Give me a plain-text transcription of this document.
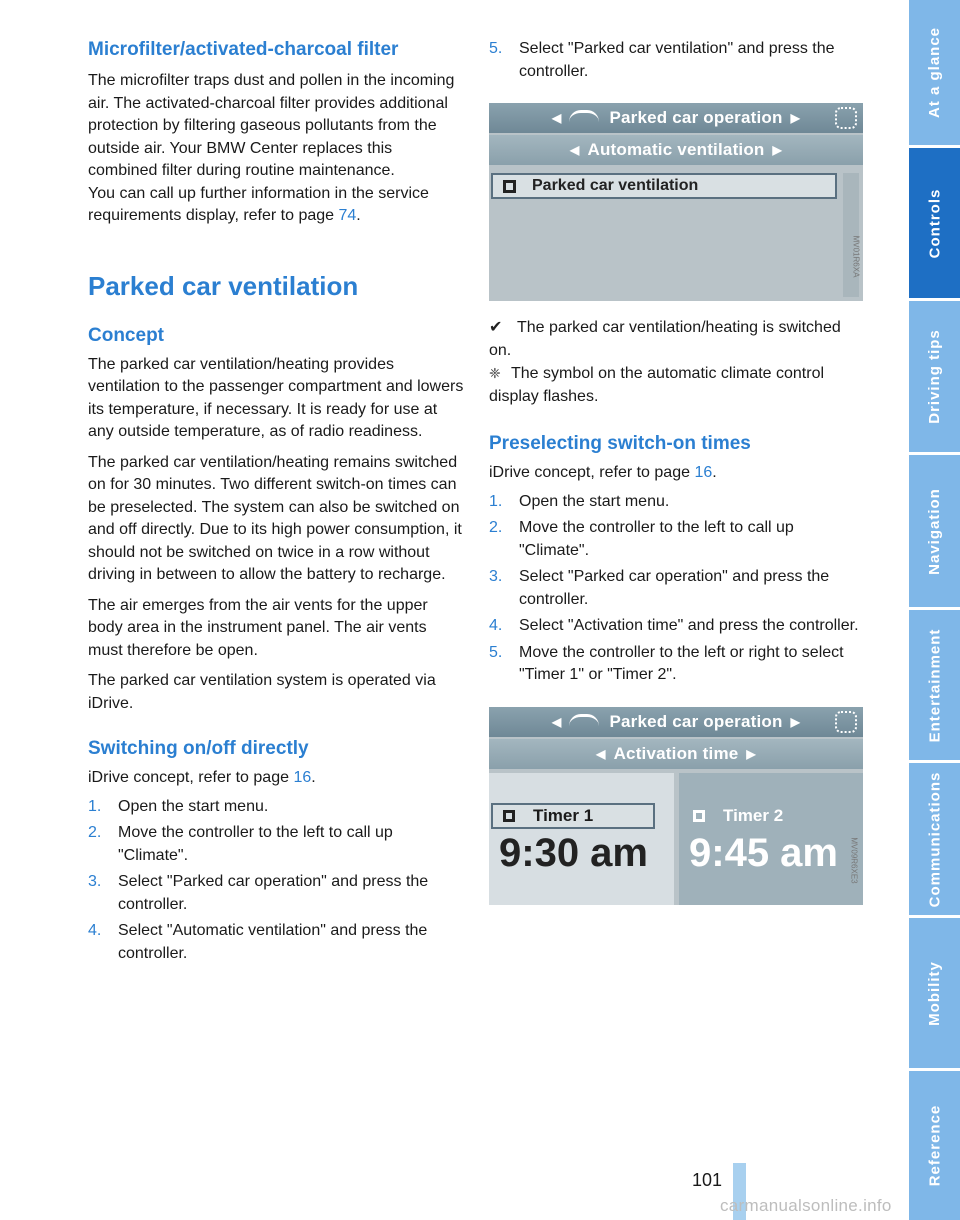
Microfilter/activated-charcoal filter

The microfilter traps dust and pollen in the incoming air. The activated-charcoal filter provides additional protection by filtering gaseous pollutants from the outside air. Your BMW Center replaces this combined filter during routine maintenance.

You can call up further information in the service requirements display, refer to page 74.

Parked car ventilation
Concept

The parked car ventilation/heating provides ventilation to the passenger compartment and lowers its temperature, if necessary. It is ready for use at any outside temperature, as of radio readiness.

The parked car ventilation/heating remains switched on for 30 minutes. Two different switch-on times can be preselected. The system can also be switched on and off directly. Due to its high power consumption, it should not be switched on twice in a row without driving in between to allow the battery to recharge.

The air emerges from the air vents for the upper body area in the instrument panel. The air vents must therefore be open.

The parked car ventilation system is operated via iDrive.

Switching on/off directly

iDrive concept, refer to page 16.

1. Open the start menu.
2. Move the controller to the left to call up "Climate".
3. Select "Parked car operation" and press the controller.
4. Select "Automatic ventilation" and press the controller.
5. Select "Parked car ventilation" and press the controller.
◀	Parked car operation ▶
◀ Automatic ventilation ▶
Parked car ventilation
MV01R6XA

✔ The parked car ventilation/heating is switched on.

❈ The symbol on the automatic climate control display flashes.

Preselecting switch-on times

iDrive concept, refer to page 16.

1. Open the start menu.
2. Move the controller to the left to call up "Climate".
3. Select "Parked car operation" and press the controller.
4. Select "Activation time" and press the controller.
5. Move the controller to the left or right to select "Timer 1" or "Timer 2".
◀	Parked car operation ▶
◀ Activation time ▶
Timer 1	Timer 2
9:30 am 9:45 am MV09R6XE3
At a glance
Controls
Driving tips
Navigation
Entertainment
Communications
Mobility
Reference
101
carmanualsonline.info
